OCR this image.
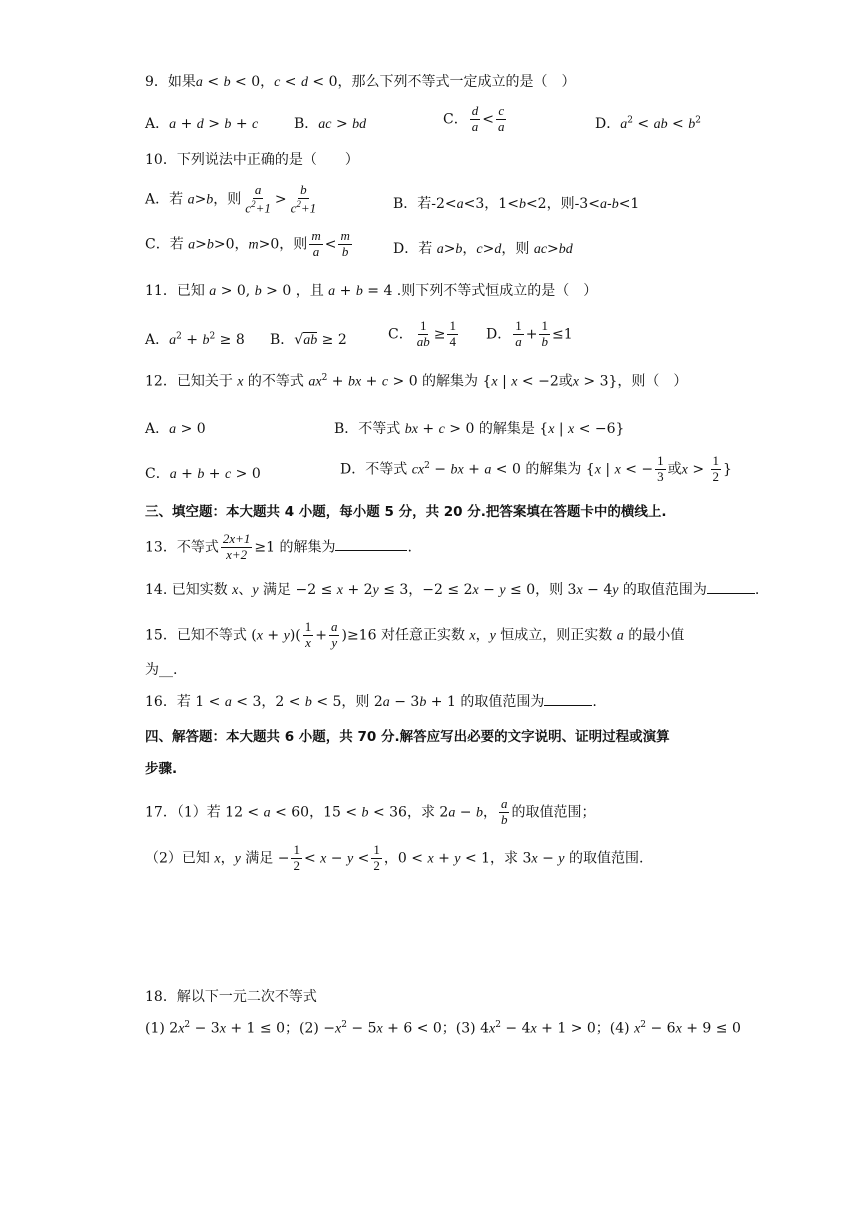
9．如果a < b < 0，c < d < 0，那么下列不等式一定成立的是（　）
A．a + d > b + c	B．ac > bd	C． $\frac{d}{a} < \frac{c}{a}$	D．$a^2$ < ab < $b^2$
10．下列说法中正确的是（　　）
A．若 a>b，则 $\frac{a}{c^2+1} > \frac{b}{c^2+1}$	B．若-2<a<3，1<b<2，则-3<a-b<1
C．若 a>b>0，m>0，则 $\frac{m}{a} < \frac{m}{b}$	D．若 a>b，c>d，则 ac>bd
11．已知 a > 0, b > 0 ，且 a + b = 4 .则下列不等式恒成立的是（　）
A．$a^2 + b^2 \ge 8$ B．√ab ≥ 2	C． $\frac{1}{ab} \ge \frac{1}{4}$ D． $\frac{1}{a} + \frac{1}{b} \le 1$
12．已知关于 x 的不等式 $ax^2$ + bx + c > 0 的解集为 {x | x < −2或x > 3}，则（　）
A．a > 0	B．不等式 bx + c > 0 的解集是 {x | x < −6}
C．a + b + c > 0	D．不等式 $cx^2$ − bx + a < 0 的解集为 {x | x < − $\frac{1}{3}$ 或$x > \frac{1}{2}$ }
三、填空题：本大题共 4 小题，每小题 5 分，共 20 分.把答案填在答题卡中的横线上.
13．不等式 $\frac{2x+1}{x+2} \ge 1$ 的解集为	.
14. 已知实数 x、y 满足 −2 ≤ x + 2y ≤ 3，−2 ≤ 2x − y ≤ 0，则 3x − 4y 的取值范围为	.
15．已知不等式 $(x + y)( \frac{1}{x} + \frac{a}{y} )\ge 16$ 对任意正实数 x，y 恒成立，则正实数 a 的最小值
为__.
16．若 1 < a < 3，2 < b < 5，则 2a − 3b + 1 的取值范围为	.
四、解答题：本大题共 6 小题，共 70 分.解答应写出必要的文字说明、证明过程或演算
步骤.
17．（1）若 12 < a < 60，15 < b < 36，求 2a − b， $\frac{a}{b}$ 的取值范围；
（2）已知 x，y 满足 − $\frac{1}{2} < x - y < \frac{1}{2}$ ，0 < x + y < 1，求 3x − y 的取值范围.
18．解以下一元二次不等式
(1) $2x^2 - 3x + 1 \le 0$；$(2) -x^2 - 5x + 6 < 0$；(3) $4x^2 - 4x + 1 > 0$；(4) $x^2 - 6x + 9 \le 0$
